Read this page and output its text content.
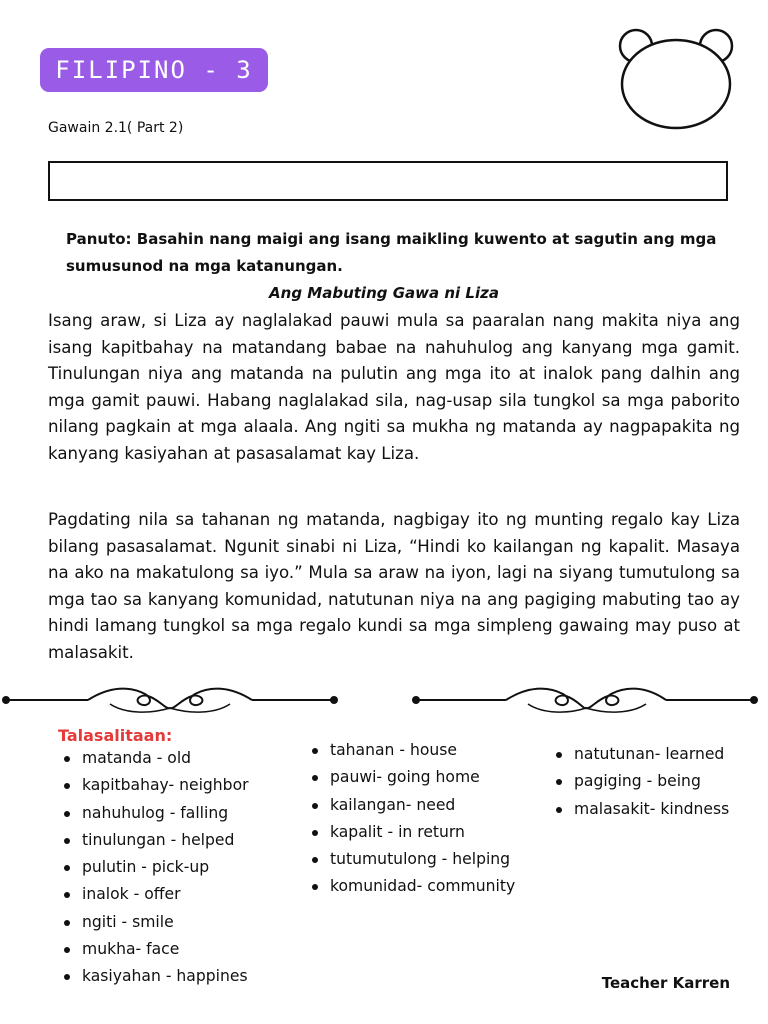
FILIPINO - 3
Gawain 2.1( Part 2)
Panuto: Basahin nang maigi ang isang maikling kuwento at sagutin ang mga sumusunod na mga katanungan.
Ang Mabuting Gawa ni Liza
Isang araw, si Liza ay naglalakad pauwi mula sa paaralan nang makita niya ang isang kapitbahay na matandang babae na nahuhulog ang kanyang mga gamit. Tinulungan niya ang matanda na pulutin ang mga ito at inalok pang dalhin ang mga gamit pauwi. Habang naglalakad sila, nag-usap sila tungkol sa mga paborito nilang pagkain at mga alaala. Ang ngiti sa mukha ng matanda ay nagpapakita ng kanyang kasiyahan at pasasalamat kay Liza.
Pagdating nila sa tahanan ng matanda, nagbigay ito ng munting regalo kay Liza bilang pasasalamat. Ngunit sinabi ni Liza, “Hindi ko kailangan ng kapalit. Masaya na ako na makatulong sa iyo.” Mula sa araw na iyon, lagi na siyang tumutulong sa mga tao sa kanyang komunidad, natutunan niya na ang pagiging mabuting tao ay hindi lamang tungkol sa mga regalo kundi sa mga simpleng gawaing may puso at malasakit.
Talasalitaan:
matanda - old
kapitbahay- neighbor
nahuhulog - falling
tinulungan - helped
pulutin - pick-up
inalok - offer
ngiti - smile
mukha- face
kasiyahan - happines
tahanan - house
pauwi- going home
kailangan- need
kapalit - in return
tutumutulong - helping
komunidad- community
natutunan- learned
pagiging - being
malasakit- kindness
Teacher Karren
